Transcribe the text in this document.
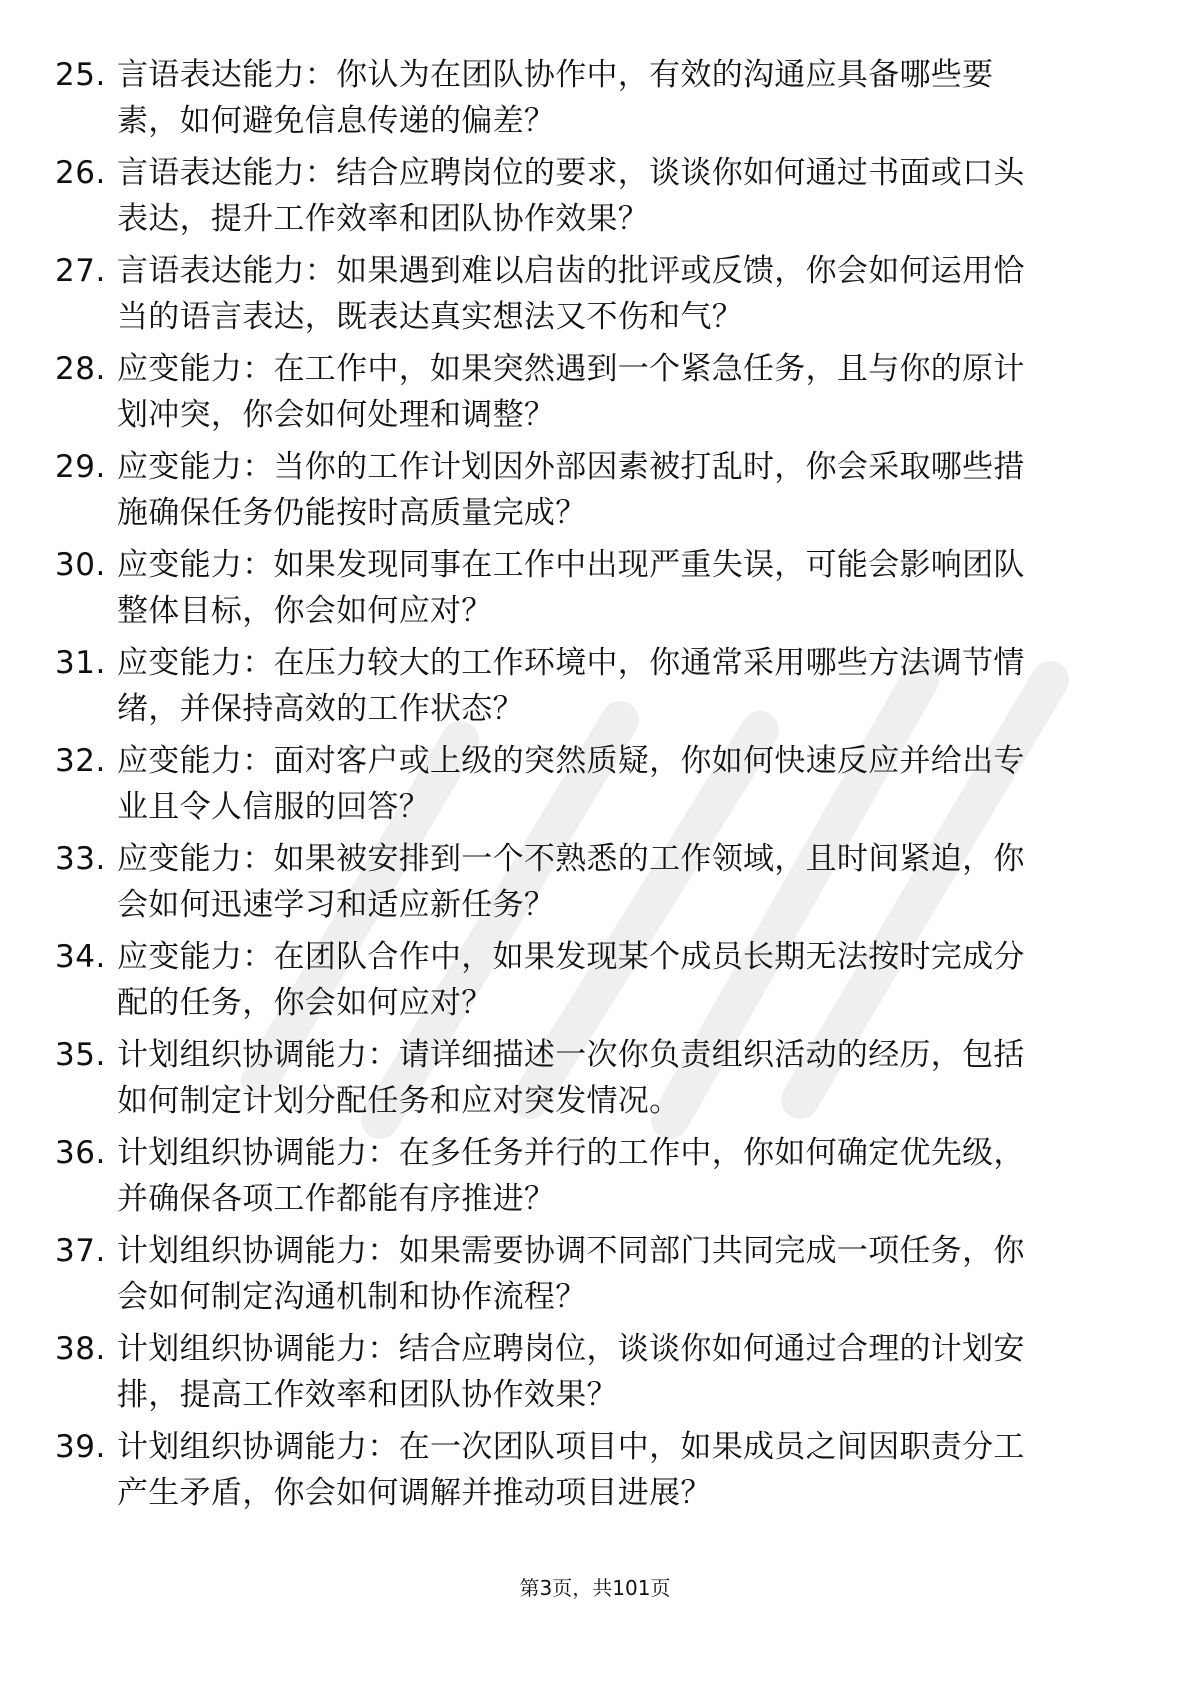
25. 言语表达能力：你认为在团队协作中，有效的沟通应具备哪些要素，如何避免信息传递的偏差？
26. 言语表达能力：结合应聘岗位的要求，谈谈你如何通过书面或口头表达，提升工作效率和团队协作效果？
27. 言语表达能力：如果遇到难以启齿的批评或反馈，你会如何运用恰当的语言表达，既表达真实想法又不伤和气？
28. 应变能力：在工作中，如果突然遇到一个紧急任务，且与你的原计划冲突，你会如何处理和调整？
29. 应变能力：当你的工作计划因外部因素被打乱时，你会采取哪些措施确保任务仍能按时高质量完成？
30. 应变能力：如果发现同事在工作中出现严重失误，可能会影响团队整体目标，你会如何应对？
31. 应变能力：在压力较大的工作环境中，你通常采用哪些方法调节情绪，并保持高效的工作状态？
32. 应变能力：面对客户或上级的突然质疑，你如何快速反应并给出专业且令人信服的回答？
33. 应变能力：如果被安排到一个不熟悉的工作领域，且时间紧迫，你会如何迅速学习和适应新任务？
34. 应变能力：在团队合作中，如果发现某个成员长期无法按时完成分配的任务，你会如何应对？
35. 计划组织协调能力：请详细描述一次你负责组织活动的经历，包括如何制定计划分配任务和应对突发情况。
36. 计划组织协调能力：在多任务并行的工作中，你如何确定优先级，并确保各项工作都能有序推进？
37. 计划组织协调能力：如果需要协调不同部门共同完成一项任务，你会如何制定沟通机制和协作流程？
38. 计划组织协调能力：结合应聘岗位，谈谈你如何通过合理的计划安排，提高工作效率和团队协作效果？
39. 计划组织协调能力：在一次团队项目中，如果成员之间因职责分工产生矛盾，你会如何调解并推动项目进展？
第3页，共101页
